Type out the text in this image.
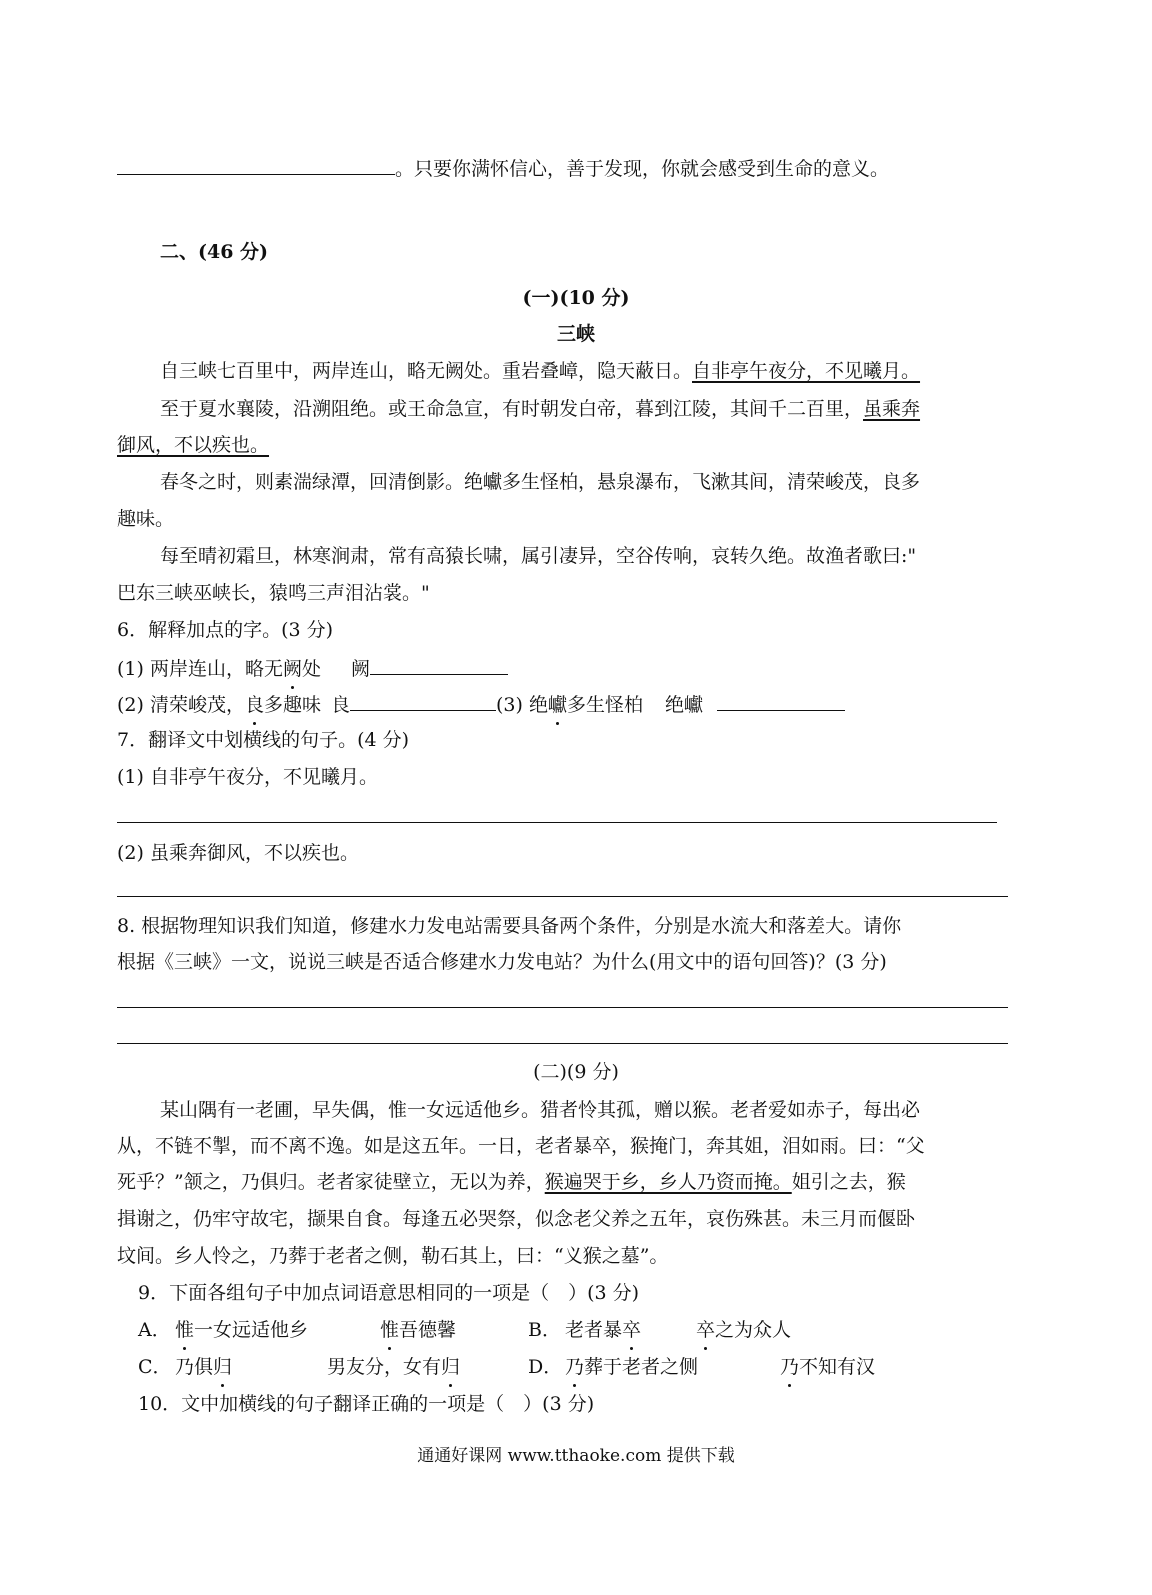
。只要你满怀信心，善于发现，你就会感受到生命的意义。
二、(46 分)
(一)(10 分)
三峡
自三峡七百里中，两岸连山，略无阙处。重岩叠嶂，隐天蔽日。自非亭午夜分，不见曦月。
至于夏水襄陵，沿溯阻绝。或王命急宣，有时朝发白帝，暮到江陵，其间千二百里，虽乘奔
御风，不以疾也。
春冬之时，则素湍绿潭，回清倒影。绝巘多生怪柏，悬泉瀑布，飞漱其间，清荣峻茂，良多
趣味。
每至晴初霜旦，林寒涧肃，常有高猿长啸，属引凄异，空谷传响，哀转久绝。故渔者歌曰:"
巴东三峡巫峡长，猿鸣三声泪沾裳。"
6．解释加点的字。(3 分)
(1) 两岸连山，略无阙处 阙
(2) 清荣峻茂，良多趣味 良	(3) 绝巘多生怪柏 绝巘
7．翻译文中划横线的句子。(4 分)
(1) 自非亭午夜分，不见曦月。
(2) 虽乘奔御风，不以疾也。
8. 根据物理知识我们知道，修建水力发电站需要具备两个条件，分别是水流大和落差大。请你
根据《三峡》一文，说说三峡是否适合修建水力发电站？为什么(用文中的语句回答)？(3 分)
(二)(9 分)
某山隅有一老圃，早失偶，惟一女远适他乡。猎者怜其孤，赠以猴。老者爱如赤子，每出必
从，不链不掣，而不离不逸。如是这五年。一日，老者暴卒，猴掩门，奔其姐，泪如雨。曰：“父
死乎？”颔之，乃俱归。老者家徒壁立，无以为养，猴遍哭于乡，乡人乃资而掩。姐引之去，猴
揖谢之，仍牢守故宅，撷果自食。每逢五必哭祭，似念老父养之五年，哀伤殊甚。未三月而偃卧
坟间。乡人怜之，乃葬于老者之侧，勒石其上，曰：“义猴之墓”。
9．下面各组句子中加点词语意思相同的一项是（　）(3 分)
A． 惟一女远适他乡	惟吾德馨	B． 老者暴卒	卒之为众人
C． 乃俱归	男友分，女有归	D． 乃葬于老者之侧	乃不知有汉
10．文中加横线的句子翻译正确的一项是（　）(3 分)
通通好课网 www.tthaoke.com 提供下载
